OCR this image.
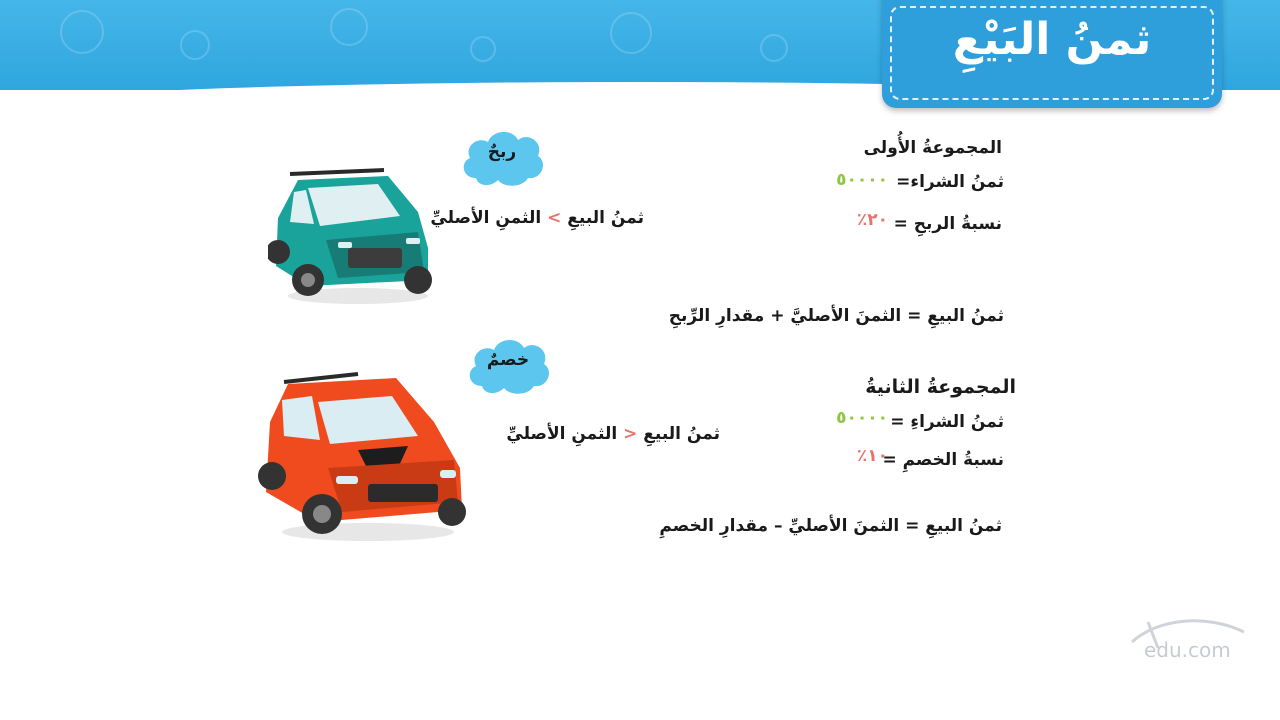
ثمنُ البَيْعِ
المجموعةُ الأُولى
ثمنُ الشراء=
٥٠٠٠٠
نسبةُ الربحِ =
٢٠٪
ثمنُ البيعِ > الثمنِ الأصليِّ
ثمنُ البيعِ = الثمنَ الأصليَّ + مقدارِ الرِّبحِ
المجموعةُ الثانيةُ
ثمنُ الشراءِ =
٥٠٠٠٠
نسبةُ الخصمِ =
١٠٪
ثمنُ البيعِ < الثمنِ الأصليِّ
ثمنُ البيعِ = الثمنَ الأصليِّ – مقدارِ الخصمِ
ربحٌ
خصمٌ
edu.com
